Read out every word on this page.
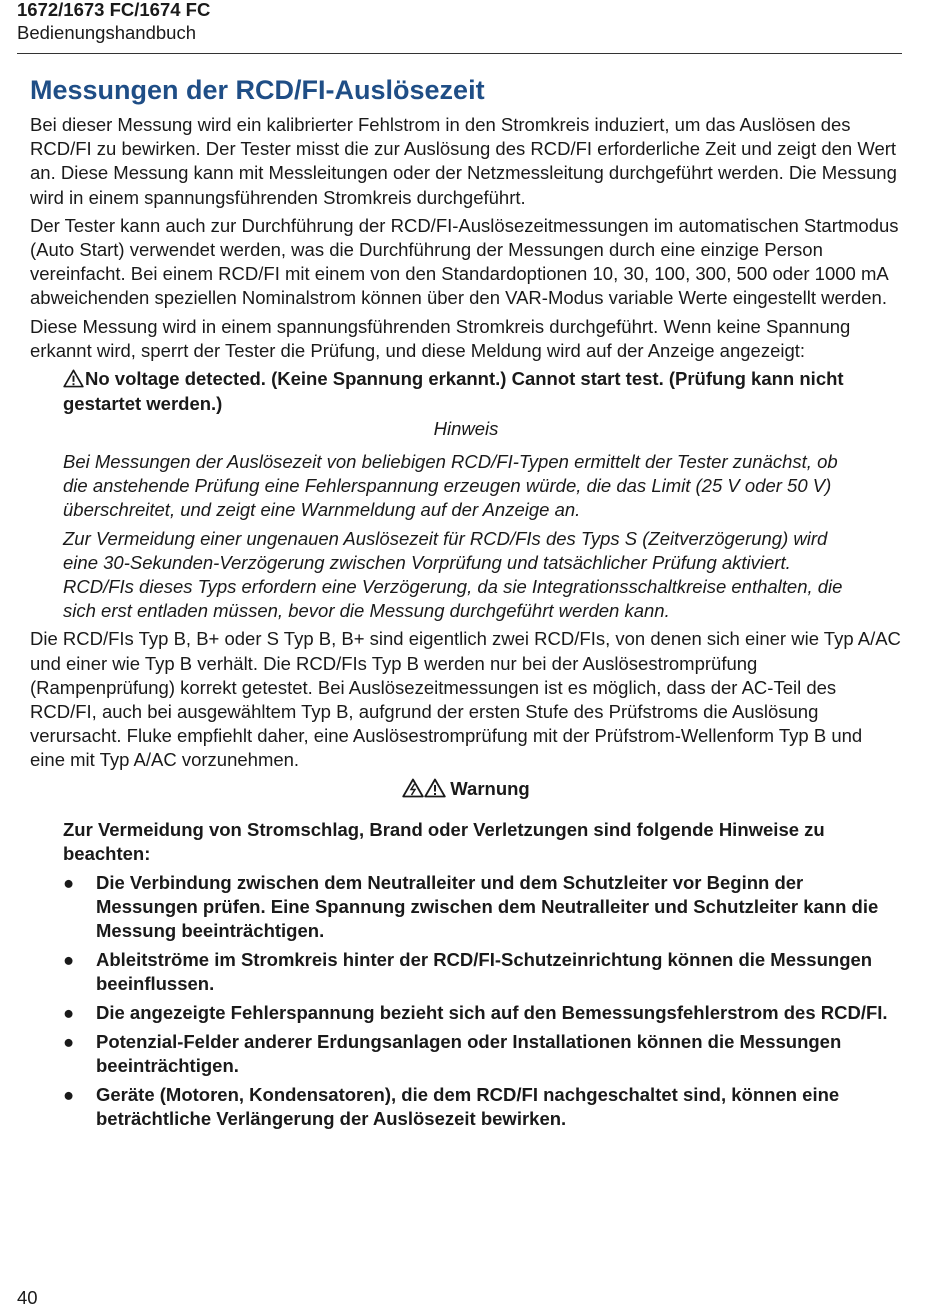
1672/1673 FC/1674 FC

Bedienungshandbuch

Messungen der RCD/FI-Auslösezeit

Bei dieser Messung wird ein kalibrierter Fehlstrom in den Stromkreis induziert, um das Auslösen des RCD/FI zu bewirken. Der Tester misst die zur Auslösung des RCD/FI erforderliche Zeit und zeigt den Wert an. Diese Messung kann mit Messleitungen oder der Netzmessleitung durchgeführt werden. Die Messung wird in einem spannungsführenden Stromkreis durchgeführt.

Der Tester kann auch zur Durchführung der RCD/FI-Auslösezeitmessungen im automatischen Startmodus (Auto Start) verwendet werden, was die Durchführung der Messungen durch eine einzige Person vereinfacht. Bei einem RCD/FI mit einem von den Standardoptionen 10, 30, 100, 300, 500 oder 1000 mA abweichenden speziellen Nominalstrom können über den VAR-Modus variable Werte eingestellt werden.

Diese Messung wird in einem spannungsführenden Stromkreis durchgeführt. Wenn keine Spannung erkannt wird, sperrt der Tester die Prüfung, und diese Meldung wird auf der Anzeige angezeigt:

No voltage detected. (Keine Spannung erkannt.) Cannot start test. (Prüfung kann nicht gestartet werden.)
Hinweis

Bei Messungen der Auslösezeit von beliebigen RCD/FI-Typen ermittelt der Tester zunächst, ob die anstehende Prüfung eine Fehlerspannung erzeugen würde, die das Limit (25 V oder 50 V) überschreitet, und zeigt eine Warnmeldung auf der Anzeige an.

Zur Vermeidung einer ungenauen Auslösezeit für RCD/FIs des Typs S (Zeitverzögerung) wird eine 30-Sekunden-Verzögerung zwischen Vorprüfung und tatsächlicher Prüfung aktiviert. RCD/FIs dieses Typs erfordern eine Verzögerung, da sie Integrationsschaltkreise enthalten, die sich erst entladen müssen, bevor die Messung durchgeführt werden kann.

Die RCD/FIs Typ B, B+ oder S Typ B, B+ sind eigentlich zwei RCD/FIs, von denen sich einer wie Typ A/AC und einer wie Typ B verhält. Die RCD/FIs Typ B werden nur bei der Auslösestromprüfung (Rampenprüfung) korrekt getestet. Bei Auslösezeitmessungen ist es möglich, dass der AC-Teil des RCD/FI, auch bei ausgewähltem Typ B, aufgrund der ersten Stufe des Prüfstroms die Auslösung verursacht. Fluke empfiehlt daher, eine Auslösestromprüfung mit der Prüfstrom-Wellenform Typ B und eine mit Typ A/AC vorzunehmen.

Warnung

Zur Vermeidung von Stromschlag, Brand oder Verletzungen sind folgende Hinweise zu beachten:

● Die Verbindung zwischen dem Neutralleiter und dem Schutzleiter vor Beginn der Messungen prüfen. Eine Spannung zwischen dem Neutralleiter und Schutzleiter kann die Messung beeinträchtigen.
● Ableitströme im Stromkreis hinter der RCD/FI-Schutzeinrichtung können die Messungen beeinflussen.
● Die angezeigte Fehlerspannung bezieht sich auf den Bemessungsfehlerstrom des RCD/FI.
● Potenzial-Felder anderer Erdungsanlagen oder Installationen können die Messungen beeinträchtigen.
● Geräte (Motoren, Kondensatoren), die dem RCD/FI nachgeschaltet sind, können eine beträchtliche Verlängerung der Auslösezeit bewirken.
40
